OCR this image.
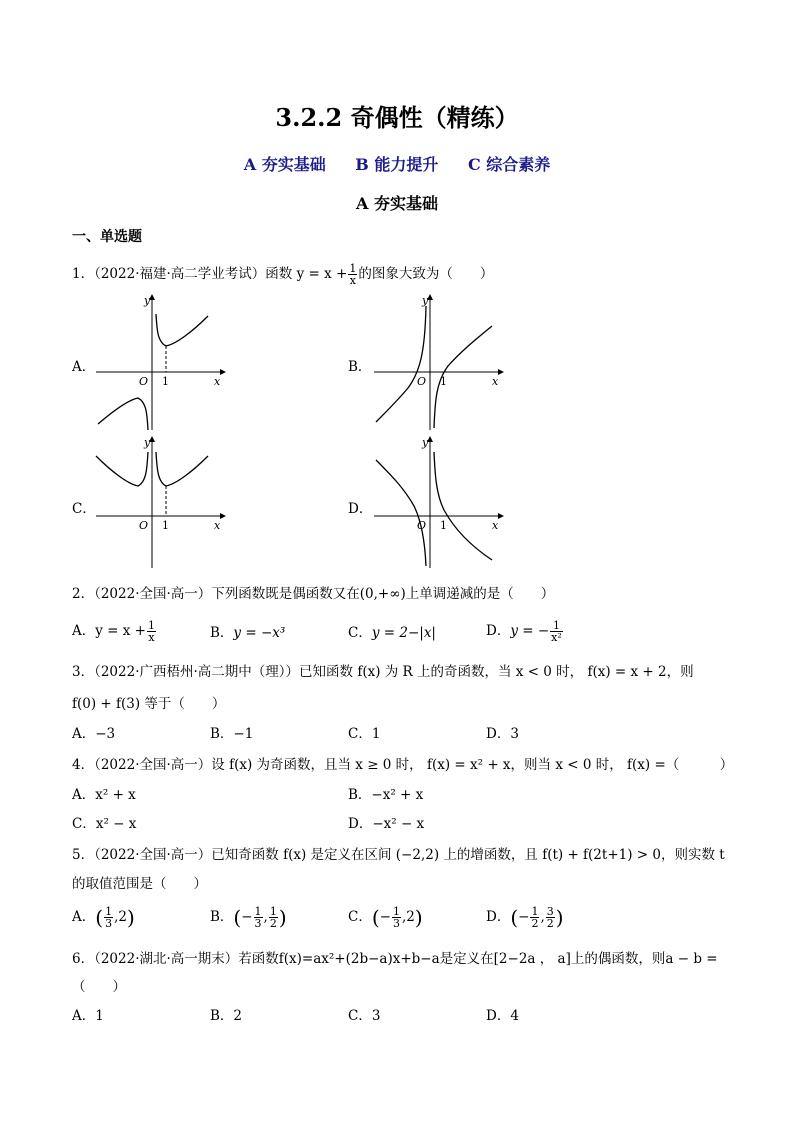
3.2.2 奇偶性（精练）
A 夯实基础 B 能力提升 C 综合素养
A 夯实基础
一、单选题
1．（2022·福建·高二学业考试）函数 $y = x + \frac{1}{x}$ 的图象大致为（　　）
A．	B．
C．	D．
O 1	x
y
O 1	x
y
O 1	x
y
O 1	x
y
2．（2022·全国·高一）下列函数既是偶函数又在(0,+∞)上单调递减的是（　　）
A．$y = x + \frac{1}{x}$	B．y = −x³	C．y = 2−|x|	D．y = − $\frac{1}{\text{x²}}$
3．（2022·广西梧州·高二期中（理））已知函数 f(x) 为 R 上的奇函数，当 x < 0 时， f(x) = x + 2，则
f(0) + f(3) 等于（　　）
A．−3	B．−1	C．1	D．3
4．（2022·全国·高一）设 f(x) 为奇函数，且当 x ≥ 0 时， f(x) = x² + x，则当 x < 0 时， f(x) =（　　　）
A．x² + x	B．−x² + x
C．x² − x	D．−x² − x
5．（2022·全国·高一）已知奇函数 f(x) 是定义在区间 (−2,2) 上的增函数，且 f(t) + f(2t+1) > 0，则实数 t
的取值范围是（　　）
A．( $\frac{1}{3} ,2$)	B．(− $\frac{1}{3}$ , $\frac{1}{2}$ )	C．(− $\frac{1}{3} ,2$)	D．(− $\frac{1}{2}$ , $\frac{3}{2}$ )
6．（2022·湖北·高一期末）若函数f(x)=ax²+(2b−a)x+b−a是定义在[2−2a ， a]上的偶函数，则a − b =
（　　）
A．1	B．2	C．3	D．4
